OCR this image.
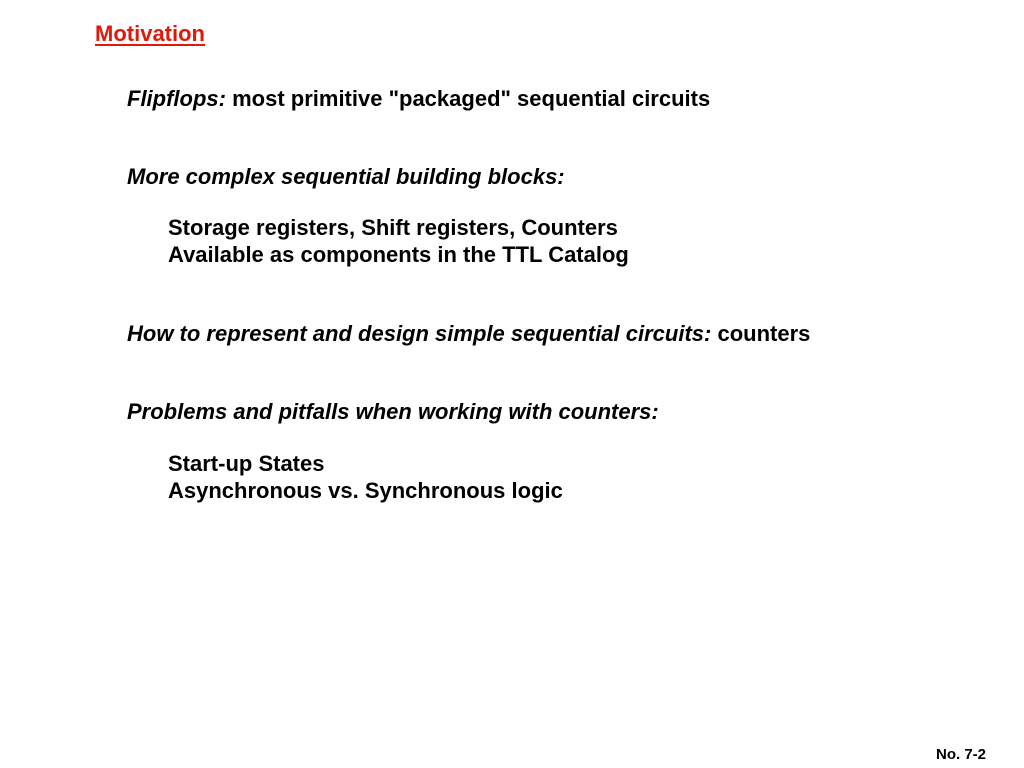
Motivation
Flipflops: most primitive "packaged" sequential circuits
More complex sequential building blocks:
Storage registers, Shift registers, Counters
Available as components in the TTL Catalog
How to represent and design simple sequential circuits: counters
Problems and pitfalls when working with counters:
Start-up States
Asynchronous vs. Synchronous logic
No. 7-2
